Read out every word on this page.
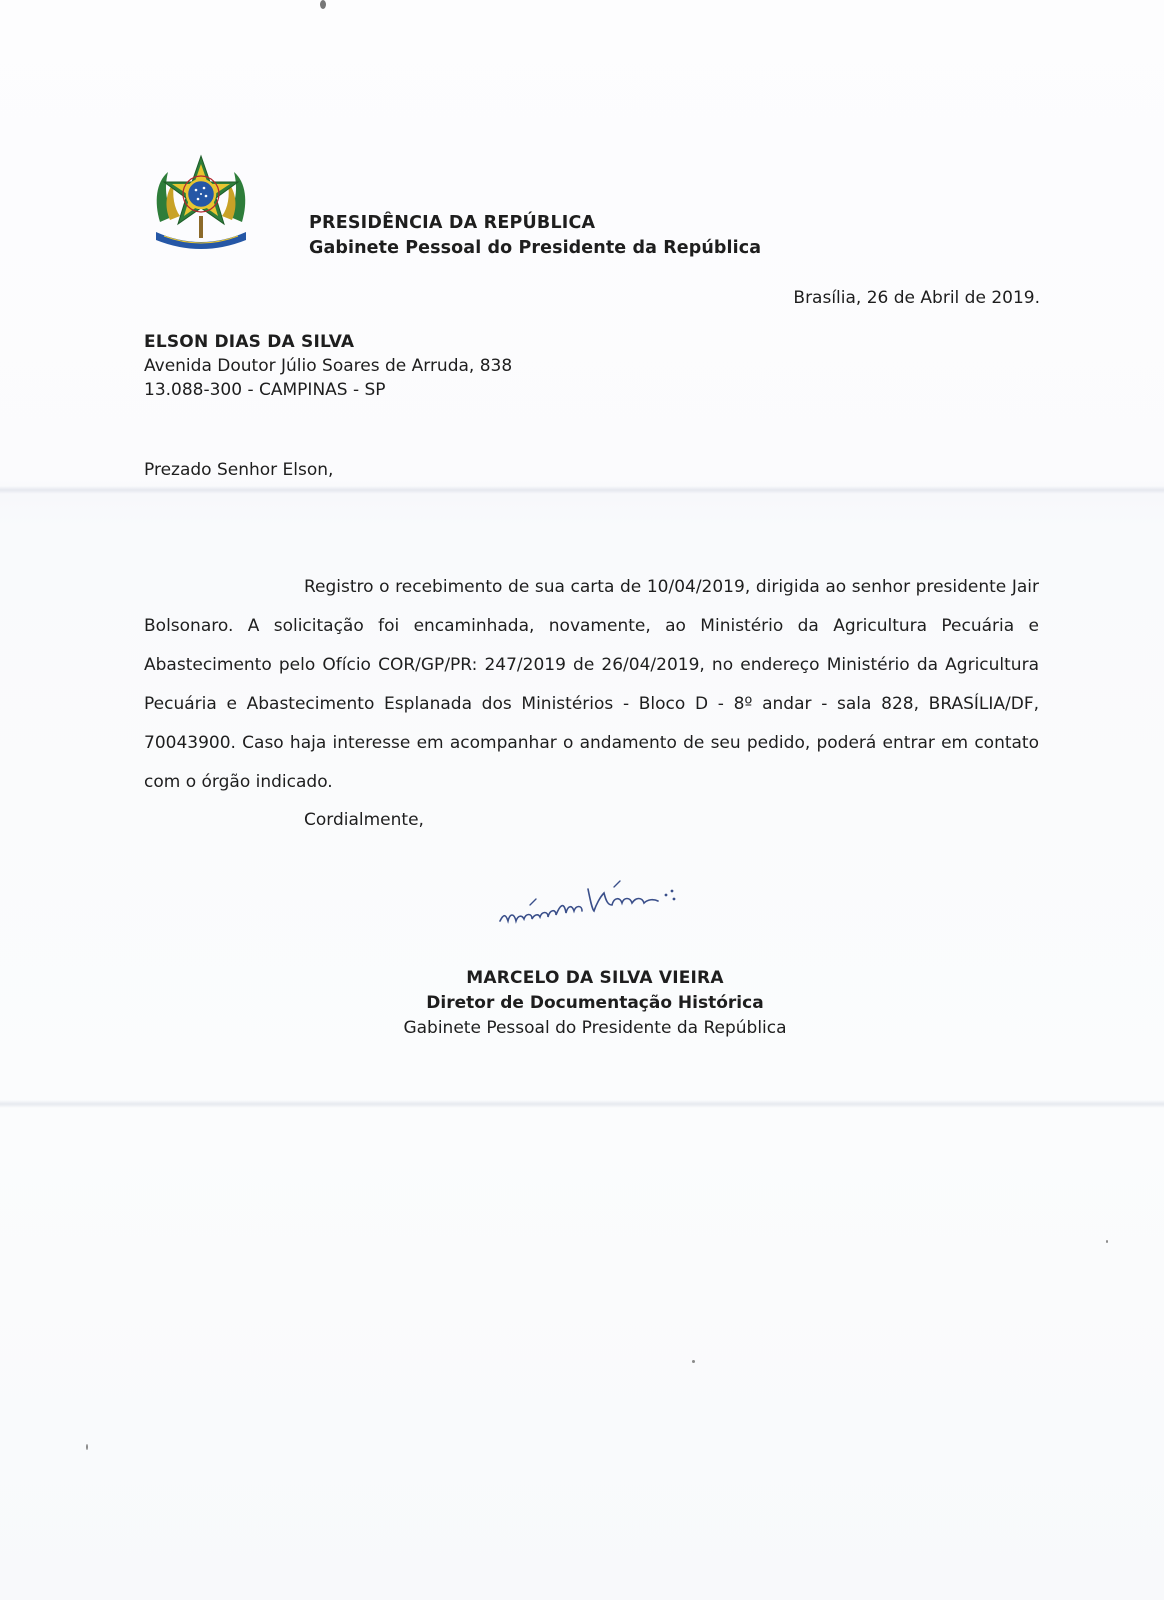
PRESIDÊNCIA DA REPÚBLICA
Gabinete Pessoal do Presidente da República
Brasília, 26 de Abril de 2019.
ELSON DIAS DA SILVA
Avenida Doutor Júlio Soares de Arruda, 838
13.088-300 - CAMPINAS - SP
Prezado Senhor Elson,

Registro o recebimento de sua carta de 10/04/2019, dirigida ao senhor presidente Jair Bolsonaro. A solicitação foi encaminhada, novamente, ao Ministério da Agricultura Pecuária e Abastecimento pelo Ofício COR/GP/PR: 247/2019 de 26/04/2019, no endereço Ministério da Agricultura Pecuária e Abastecimento Esplanada dos Ministérios - Bloco D - 8º andar - sala 828, BRASÍLIA/DF, 70043900. Caso haja interesse em acompanhar o andamento de seu pedido, poderá entrar em contato com o órgão indicado.

Cordialmente,
MARCELO DA SILVA VIEIRA
Diretor de Documentação Histórica
Gabinete Pessoal do Presidente da República
